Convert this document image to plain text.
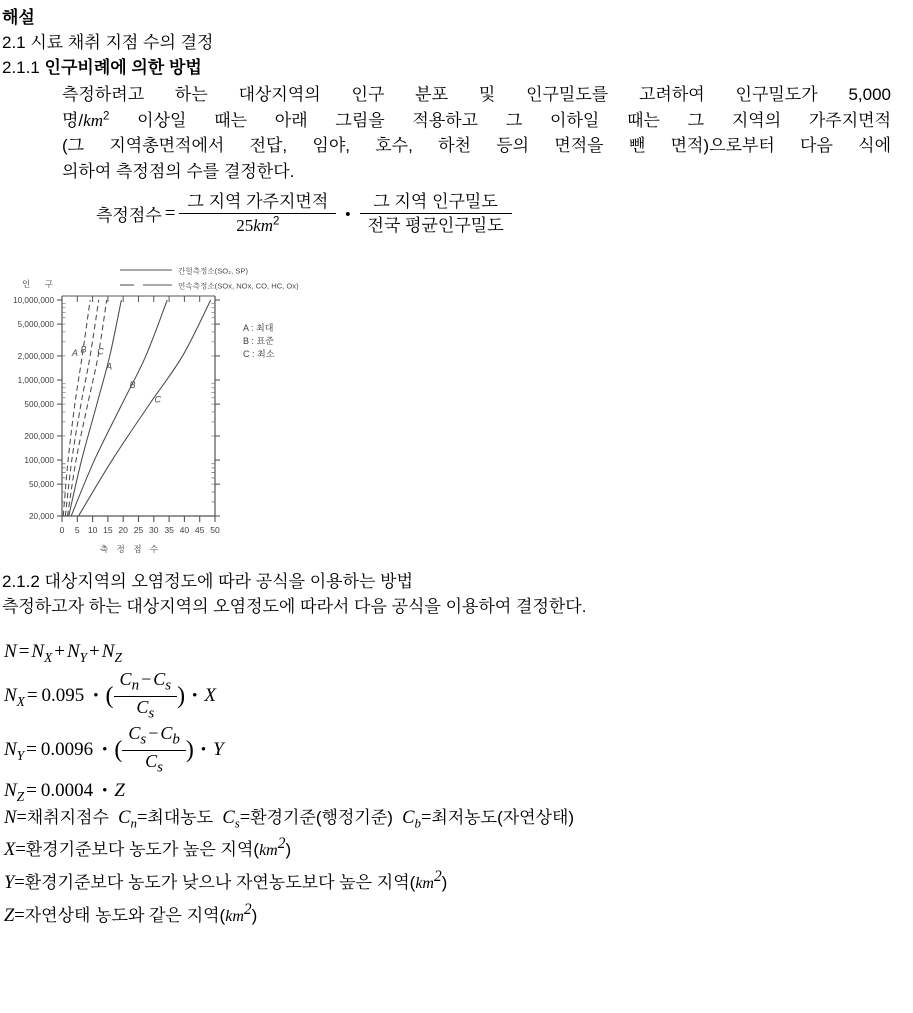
해설

2.1 시료 채취 지점 수의 결정

2.1.1 인구비례에 의한 방법

측정하려고 하는 대상지역의 인구 분포 및 인구밀도를 고려하여 인구밀도가 5,000
명$/km^2$ 이상일 때는 아래 그림을 적용하고 그 이하일 때는 그 지역의 가주지면적
(그 지역총면적에서 전답, 임야, 호수, 하천 등의 면적을 뺀 면적)으로부터 다음 식에
의하여 측정점의 수를 결정한다.
측정점수 = $\frac{\text{그 지역 가주지면적}}{25km^2}$ • $\frac{\text{그 지역 인구밀도}}{\text{전국 평균인구밀도}}$
간헐측정소(SO₂, SP)
연속측정소(SOx, NOx, CO, HC, Ox)
A B C
A
B
C
20,000
50,000
100,000
200,000
500,000
1,000,000
2,000,000
5,000,000
10,000,000
0 5 10 15 20 25 30 35 40 45 50
인 구
측 정 점 수
A : 최대
B : 표준
C : 최소

2.1.2 대상지역의 오염정도에 따라 공식을 이용하는 방법

측정하고자 하는 대상지역의 오염정도에 따라서 다음 공식을 이용하여 결정한다.

$N = N_X + N_Y + N_Z$
$N_X = 0.095$ • ( $\frac{C_n - C_s}{C_s}$ ) • X
$N_Y = 0.0096$ • ( $\frac{C_s - C_b}{C_s}$ ) • Y
$N_Z = 0.0004$ • Z

N=채취지점수 $C_n=$최대농도 $C_s=$환경기준(행정기준) $C_b=$최저농도(자연상태)

X=환경기준보다 농도가 높은 지역$(km^2)$

Y=환경기준보다 농도가 낮으나 자연농도보다 높은 지역$(km^2)$

Z=자연상태 농도와 같은 지역$(km^2)$
